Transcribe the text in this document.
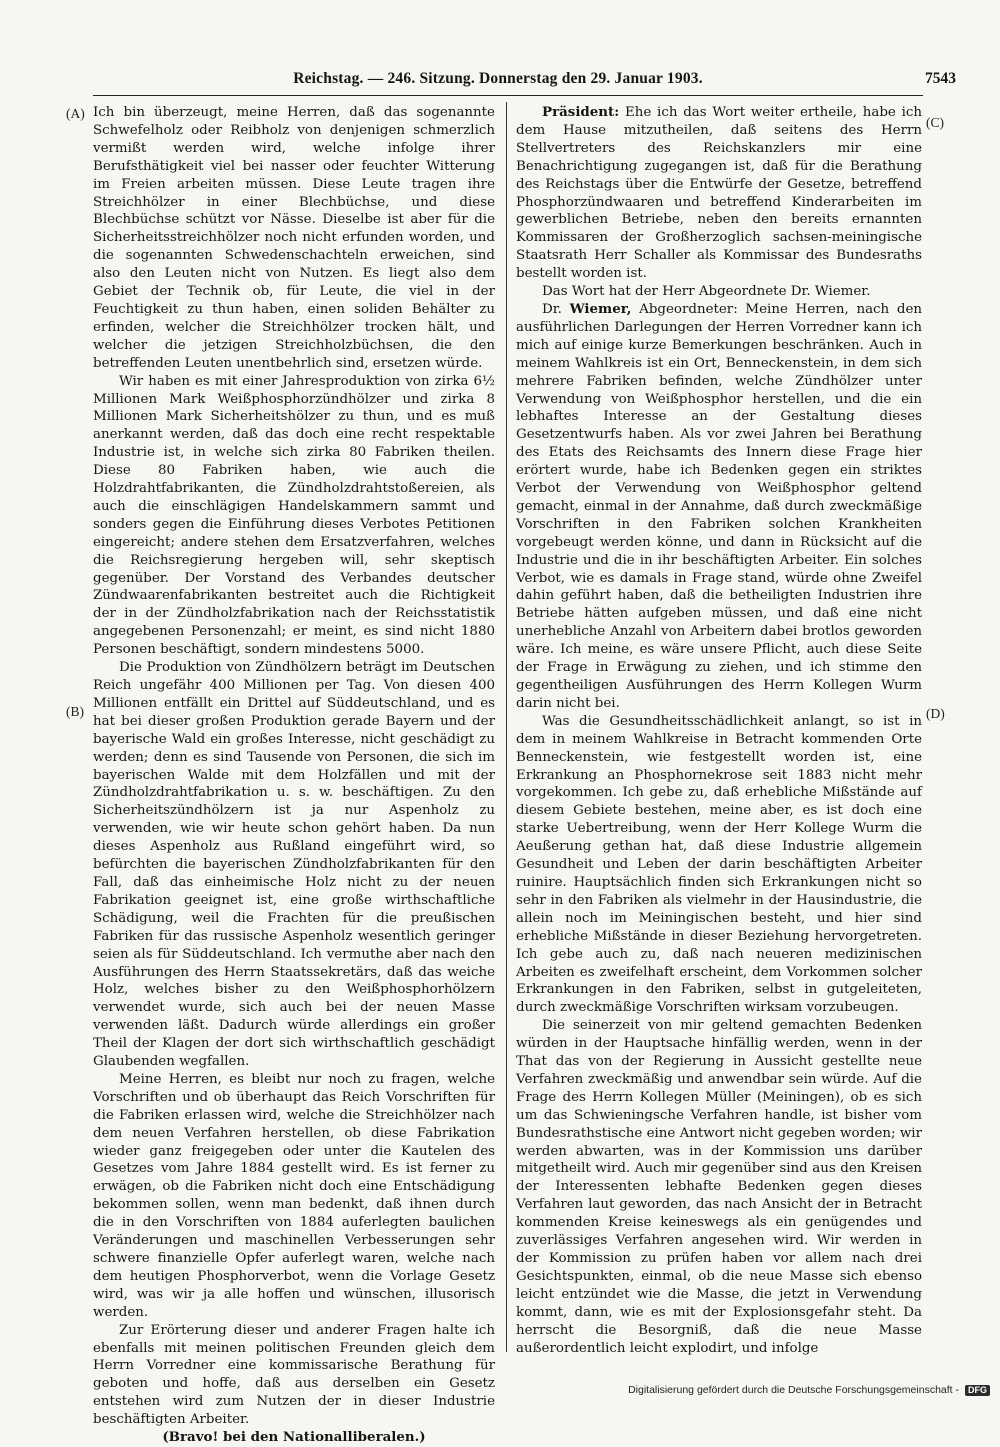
Reichstag. — 246. Sitzung. Donnerstag den 29. Januar 1903.	7543
(A)
(B)
(C)
(D)

Ich bin überzeugt, meine Herren, daß das sogenannte Schwefelholz oder Reibholz von denjenigen schmerzlich vermißt werden wird, welche infolge ihrer Berufsthätigkeit viel bei nasser oder feuchter Witterung im Freien arbeiten müssen. Diese Leute tragen ihre Streichhölzer in einer Blechbüchse, und diese Blechbüchse schützt vor Nässe. Dieselbe ist aber für die Sicherheitsstreichhölzer noch nicht erfunden worden, und die sogenannten Schwedenschachteln erweichen, sind also den Leuten nicht von Nutzen. Es liegt also dem Gebiet der Technik ob, für Leute, die viel in der Feuchtigkeit zu thun haben, einen soliden Behälter zu erfinden, welcher die Streichhölzer trocken hält, und welcher die jetzigen Streichholzbüchsen, die den betreffenden Leuten unentbehrlich sind, ersetzen würde.

Wir haben es mit einer Jahresproduktion von zirka 6½ Millionen Mark Weißphosphorzündhölzer und zirka 8 Millionen Mark Sicherheitshölzer zu thun, und es muß anerkannt werden, daß das doch eine recht respektable Industrie ist, in welche sich zirka 80 Fabriken theilen. Diese 80 Fabriken haben, wie auch die Holzdrahtfabrikanten, die Zündholzdrahtstoßereien, als auch die einschlägigen Handelskammern sammt und sonders gegen die Einführung dieses Verbotes Petitionen eingereicht; andere stehen dem Ersatzverfahren, welches die Reichsregierung hergeben will, sehr skeptisch gegenüber. Der Vorstand des Verbandes deutscher Zündwaarenfabrikanten bestreitet auch die Richtigkeit der in der Zündholzfabrikation nach der Reichsstatistik angegebenen Personenzahl; er meint, es sind nicht 1880 Personen beschäftigt, sondern mindestens 5000.

Die Produktion von Zündhölzern beträgt im Deutschen Reich ungefähr 400 Millionen per Tag. Von diesen 400 Millionen entfällt ein Drittel auf Süddeutschland, und es hat bei dieser großen Produktion gerade Bayern und der bayerische Wald ein großes Interesse, nicht geschädigt zu werden; denn es sind Tausende von Personen, die sich im bayerischen Walde mit dem Holzfällen und mit der Zündholzdrahtfabrikation u. s. w. beschäftigen. Zu den Sicherheitszündhölzern ist ja nur Aspenholz zu verwenden, wie wir heute schon gehört haben. Da nun dieses Aspenholz aus Rußland eingeführt wird, so befürchten die bayerischen Zündholzfabrikanten für den Fall, daß das einheimische Holz nicht zu der neuen Fabrikation geeignet ist, eine große wirthschaftliche Schädigung, weil die Frachten für die preußischen Fabriken für das russische Aspenholz wesentlich geringer seien als für Süddeutschland. Ich vermuthe aber nach den Ausführungen des Herrn Staatssekretärs, daß das weiche Holz, welches bisher zu den Weißphosphorhölzern verwendet wurde, sich auch bei der neuen Masse verwenden läßt. Dadurch würde allerdings ein großer Theil der Klagen der dort sich wirthschaftlich geschädigt Glaubenden wegfallen.

Meine Herren, es bleibt nur noch zu fragen, welche Vorschriften und ob überhaupt das Reich Vorschriften für die Fabriken erlassen wird, welche die Streichhölzer nach dem neuen Verfahren herstellen, ob diese Fabrikation wieder ganz freigegeben oder unter die Kautelen des Gesetzes vom Jahre 1884 gestellt wird. Es ist ferner zu erwägen, ob die Fabriken nicht doch eine Entschädigung bekommen sollen, wenn man bedenkt, daß ihnen durch die in den Vorschriften von 1884 auferlegten baulichen Veränderungen und maschinellen Verbesserungen sehr schwere finanzielle Opfer auferlegt waren, welche nach dem heutigen Phosphorverbot, wenn die Vorlage Gesetz wird, was wir ja alle hoffen und wünschen, illusorisch werden.

Zur Erörterung dieser und anderer Fragen halte ich ebenfalls mit meinen politischen Freunden gleich dem Herrn Vorredner eine kommissarische Berathung für geboten und hoffe, daß aus derselben ein Gesetz entstehen wird zum Nutzen der in dieser Industrie beschäftigten Arbeiter.

(Bravo! bei den Nationalliberalen.)

Präsident: Ehe ich das Wort weiter ertheile, habe ich dem Hause mitzutheilen, daß seitens des Herrn Stellvertreters des Reichskanzlers mir eine Benachrichtigung zugegangen ist, daß für die Berathung des Reichstags über die Entwürfe der Gesetze, betreffend Phosphorzündwaaren und betreffend Kinderarbeiten im gewerblichen Betriebe, neben den bereits ernannten Kommissaren der Großherzoglich sachsen-meiningische Staatsrath Herr Schaller als Kommissar des Bundesraths bestellt worden ist.

Das Wort hat der Herr Abgeordnete Dr. Wiemer.

Dr. Wiemer, Abgeordneter: Meine Herren, nach den ausführlichen Darlegungen der Herren Vorredner kann ich mich auf einige kurze Bemerkungen beschränken. Auch in meinem Wahlkreis ist ein Ort, Benneckenstein, in dem sich mehrere Fabriken befinden, welche Zündhölzer unter Verwendung von Weißphosphor herstellen, und die ein lebhaftes Interesse an der Gestaltung dieses Gesetzentwurfs haben. Als vor zwei Jahren bei Berathung des Etats des Reichsamts des Innern diese Frage hier erörtert wurde, habe ich Bedenken gegen ein striktes Verbot der Verwendung von Weißphosphor geltend gemacht, einmal in der Annahme, daß durch zweckmäßige Vorschriften in den Fabriken solchen Krankheiten vorgebeugt werden könne, und dann in Rücksicht auf die Industrie und die in ihr beschäftigten Arbeiter. Ein solches Verbot, wie es damals in Frage stand, würde ohne Zweifel dahin geführt haben, daß die betheiligten Industrien ihre Betriebe hätten aufgeben müssen, und daß eine nicht unerhebliche Anzahl von Arbeitern dabei brotlos geworden wäre. Ich meine, es wäre unsere Pflicht, auch diese Seite der Frage in Erwägung zu ziehen, und ich stimme den gegentheiligen Ausführungen des Herrn Kollegen Wurm darin nicht bei.

Was die Gesundheitsschädlichkeit anlangt, so ist in dem in meinem Wahlkreise in Betracht kommenden Orte Benneckenstein, wie festgestellt worden ist, eine Erkrankung an Phosphornekrose seit 1883 nicht mehr vorgekommen. Ich gebe zu, daß erhebliche Mißstände auf diesem Gebiete bestehen, meine aber, es ist doch eine starke Uebertreibung, wenn der Herr Kollege Wurm die Aeußerung gethan hat, daß diese Industrie allgemein Gesundheit und Leben der darin beschäftigten Arbeiter ruinire. Hauptsächlich finden sich Erkrankungen nicht so sehr in den Fabriken als vielmehr in der Hausindustrie, die allein noch im Meiningischen besteht, und hier sind erhebliche Mißstände in dieser Beziehung hervorgetreten. Ich gebe auch zu, daß nach neueren medizinischen Arbeiten es zweifelhaft erscheint, dem Vorkommen solcher Erkrankungen in den Fabriken, selbst in gutgeleiteten, durch zweckmäßige Vorschriften wirksam vorzubeugen.

Die seinerzeit von mir geltend gemachten Bedenken würden in der Hauptsache hinfällig werden, wenn in der That das von der Regierung in Aussicht gestellte neue Verfahren zweckmäßig und anwendbar sein würde. Auf die Frage des Herrn Kollegen Müller (Meiningen), ob es sich um das Schwieningsche Verfahren handle, ist bisher vom Bundesrathstische eine Antwort nicht gegeben worden; wir werden abwarten, was in der Kommission uns darüber mitgetheilt wird. Auch mir gegenüber sind aus den Kreisen der Interessenten lebhafte Bedenken gegen dieses Verfahren laut geworden, das nach Ansicht der in Betracht kommenden Kreise keineswegs als ein genügendes und zuverlässiges Verfahren angesehen wird. Wir werden in der Kommission zu prüfen haben vor allem nach drei Gesichtspunkten, einmal, ob die neue Masse sich ebenso leicht entzündet wie die Masse, die jetzt in Verwendung kommt, dann, wie es mit der Explosionsgefahr steht. Da herrscht die Besorgniß, daß die neue Masse außerordentlich leicht explodirt, und infolge

Digitalisierung gefördert durch die Deutsche Forschungsgemeinschaft - DFG
